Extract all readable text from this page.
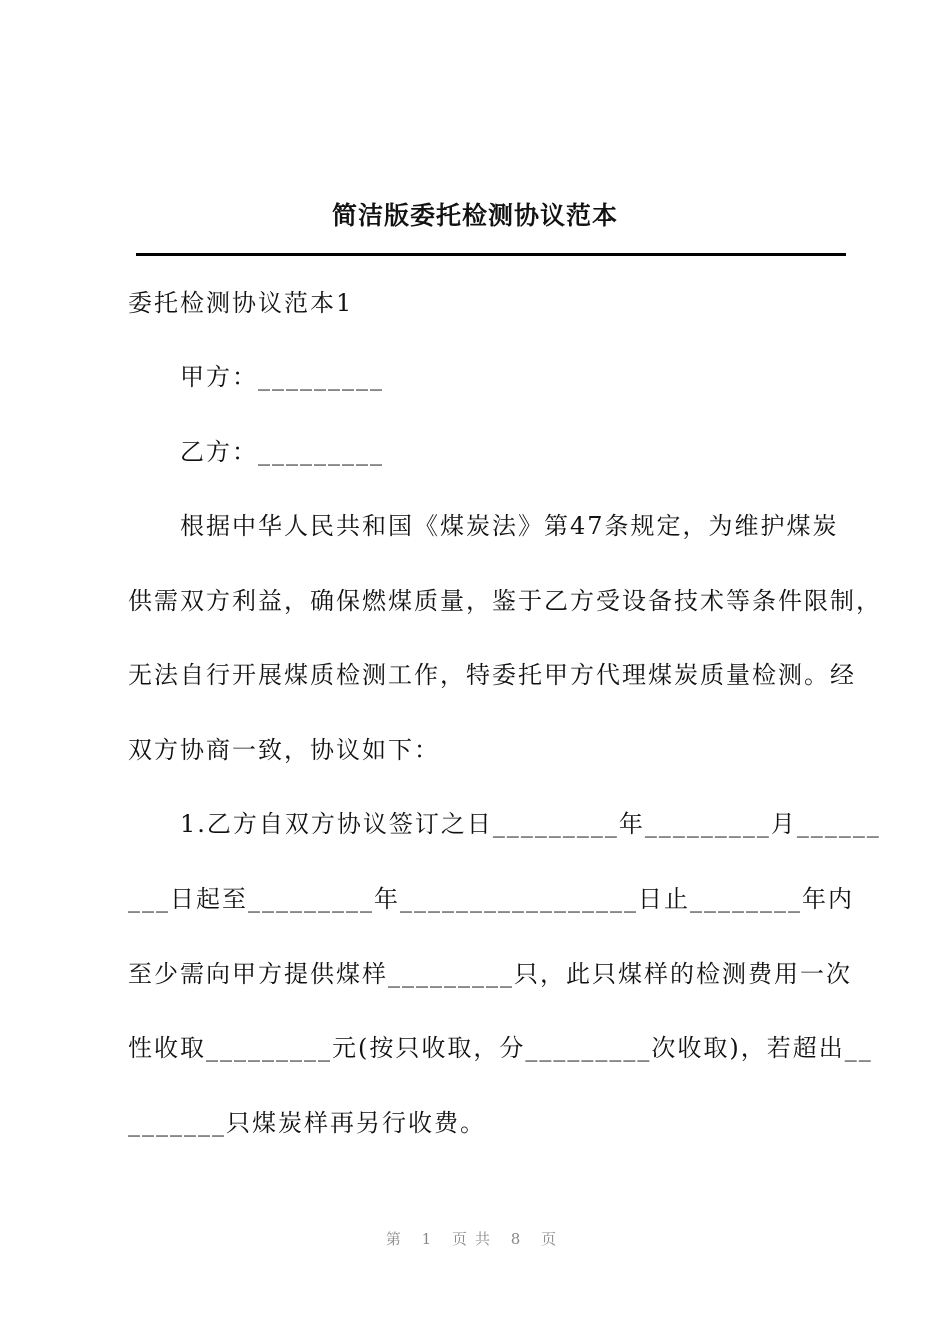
简洁版委托检测协议范本
委托检测协议范本1
甲方：_________
乙方：_________
根据中华人民共和国《煤炭法》第47条规定，为维护煤炭
供需双方利益，确保燃煤质量，鉴于乙方受设备技术等条件限制，
无法自行开展煤质检测工作，特委托甲方代理煤炭质量检测。经
双方协商一致，协议如下：
1.乙方自双方协议签订之日_________年_________月______
___日起至_________年_________________日止________年内
至少需向甲方提供煤样_________只，此只煤样的检测费用一次
性收取_________元(按只收取，分_________次收取)，若超出__
_______只煤炭样再另行收费。
第 1 页共 8 页
